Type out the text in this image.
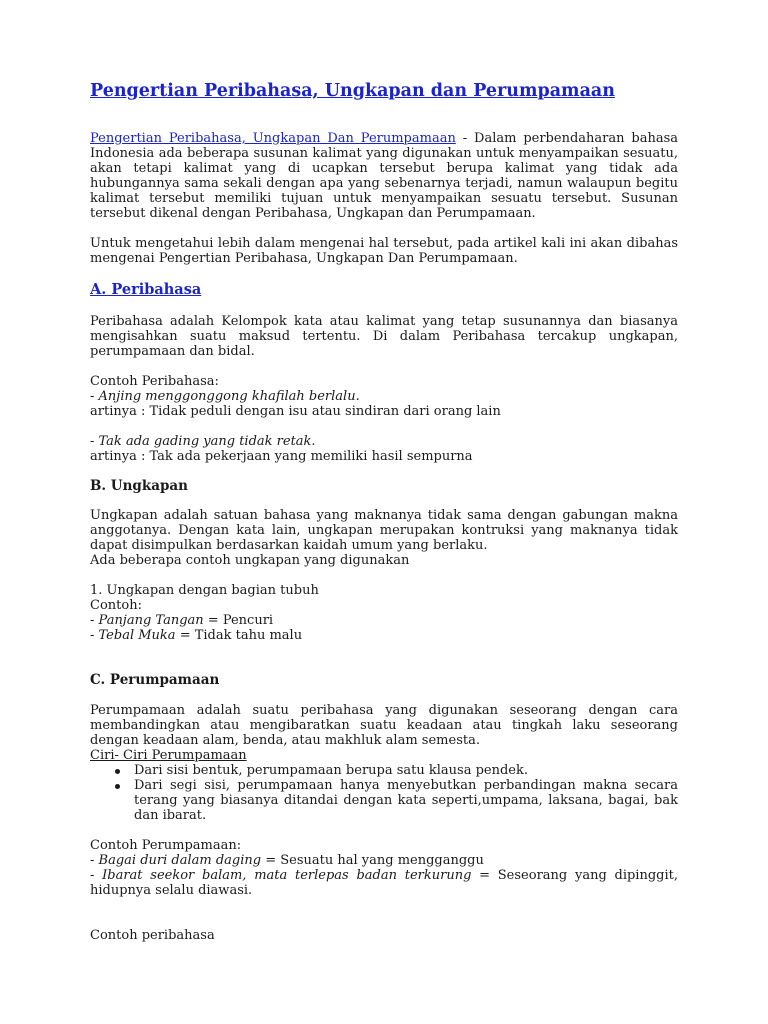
Pengertian Peribahasa, Ungkapan dan Perumpamaan

Pengertian Peribahasa, Ungkapan Dan Perumpamaan - Dalam perbendaharan bahasa Indonesia ada beberapa susunan kalimat yang digunakan untuk menyampaikan sesuatu, akan tetapi kalimat yang di ucapkan tersebut berupa kalimat yang tidak ada hubungannya sama sekali dengan apa yang sebenarnya terjadi, namun walaupun begitu kalimat tersebut memiliki tujuan untuk menyampaikan sesuatu tersebut. Susunan tersebut dikenal dengan Peribahasa, Ungkapan dan Perumpamaan.

Untuk mengetahui lebih dalam mengenai hal tersebut, pada artikel kali ini akan dibahas mengenai Pengertian Peribahasa, Ungkapan Dan Perumpamaan.

A. Peribahasa

Peribahasa adalah Kelompok kata atau kalimat yang tetap susunannya dan biasanya mengisahkan suatu maksud tertentu. Di dalam Peribahasa tercakup ungkapan, perumpamaan dan bidal.

Contoh Peribahasa:
- Anjing menggonggong khafilah berlalu.
artinya : Tidak peduli dengan isu atau sindiran dari orang lain
- Tak ada gading yang tidak retak.
artinya : Tak ada pekerjaan yang memiliki hasil sempurna
B. Ungkapan

Ungkapan adalah satuan bahasa yang maknanya tidak sama dengan gabungan makna anggotanya. Dengan kata lain, ungkapan merupakan kontruksi yang maknanya tidak dapat disimpulkan berdasarkan kaidah umum yang berlaku.

Ada beberapa contoh ungkapan yang digunakan
1. Ungkapan dengan bagian tubuh
Contoh:
- Panjang Tangan = Pencuri
- Tebal Muka = Tidak tahu malu
C. Perumpamaan

Perumpamaan adalah suatu peribahasa yang digunakan seseorang dengan cara membandingkan atau mengibaratkan suatu keadaan atau tingkah laku seseorang dengan keadaan alam, benda, atau makhluk alam semesta.

Ciri- Ciri Perumpamaan
Dari sisi bentuk, perumpamaan berupa satu klausa pendek.
Dari segi sisi, perumpamaan hanya menyebutkan perbandingan makna secara terang yang biasanya ditandai dengan kata seperti,umpama, laksana, bagai, bak dan ibarat.
Contoh Perumpamaan:
- Bagai duri dalam daging = Sesuatu hal yang mengganggu

- Ibarat seekor balam, mata terlepas badan terkurung = Seseorang yang dipinggit, hidupnya selalu diawasi.

Contoh peribahasa
